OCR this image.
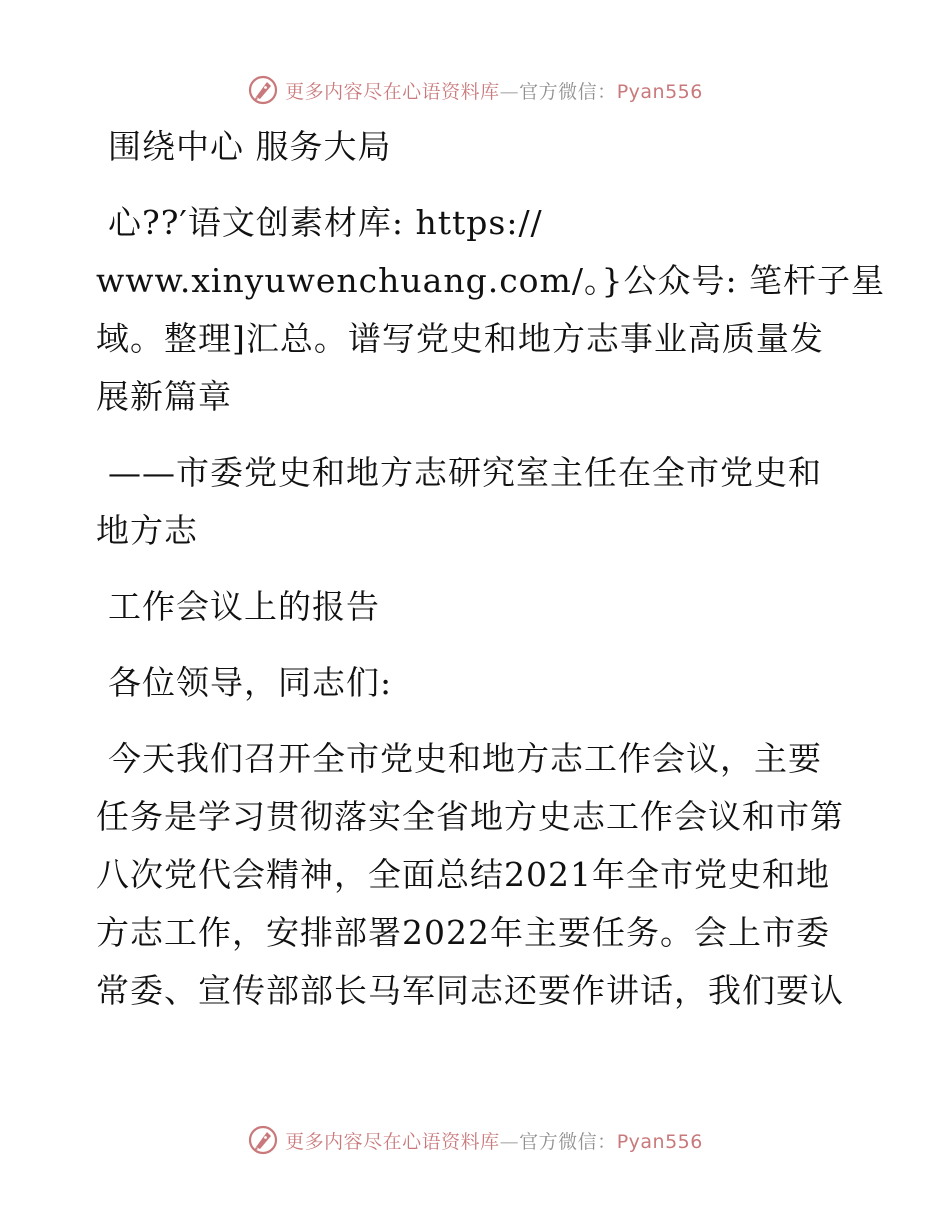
更多内容尽在心语资料库—官方微信：Pyan556
围绕中心 服务大局
心??′语文创素材库: https://
www.xinyuwenchuang.com/。}公众号: 笔杆子星
域。整理]汇总。谱写党史和地方志事业高质量发
展新篇章
——市委党史和地方志研究室主任在全市党史和
地方志
工作会议上的报告
各位领导，同志们:
今天我们召开全市党史和地方志工作会议，主要
任务是学习贯彻落实全省地方史志工作会议和市第
八次党代会精神，全面总结2021年全市党史和地
方志工作，安排部署2022年主要任务。会上市委
常委、宣传部部长马军同志还要作讲话，我们要认
更多内容尽在心语资料库—官方微信：Pyan556
